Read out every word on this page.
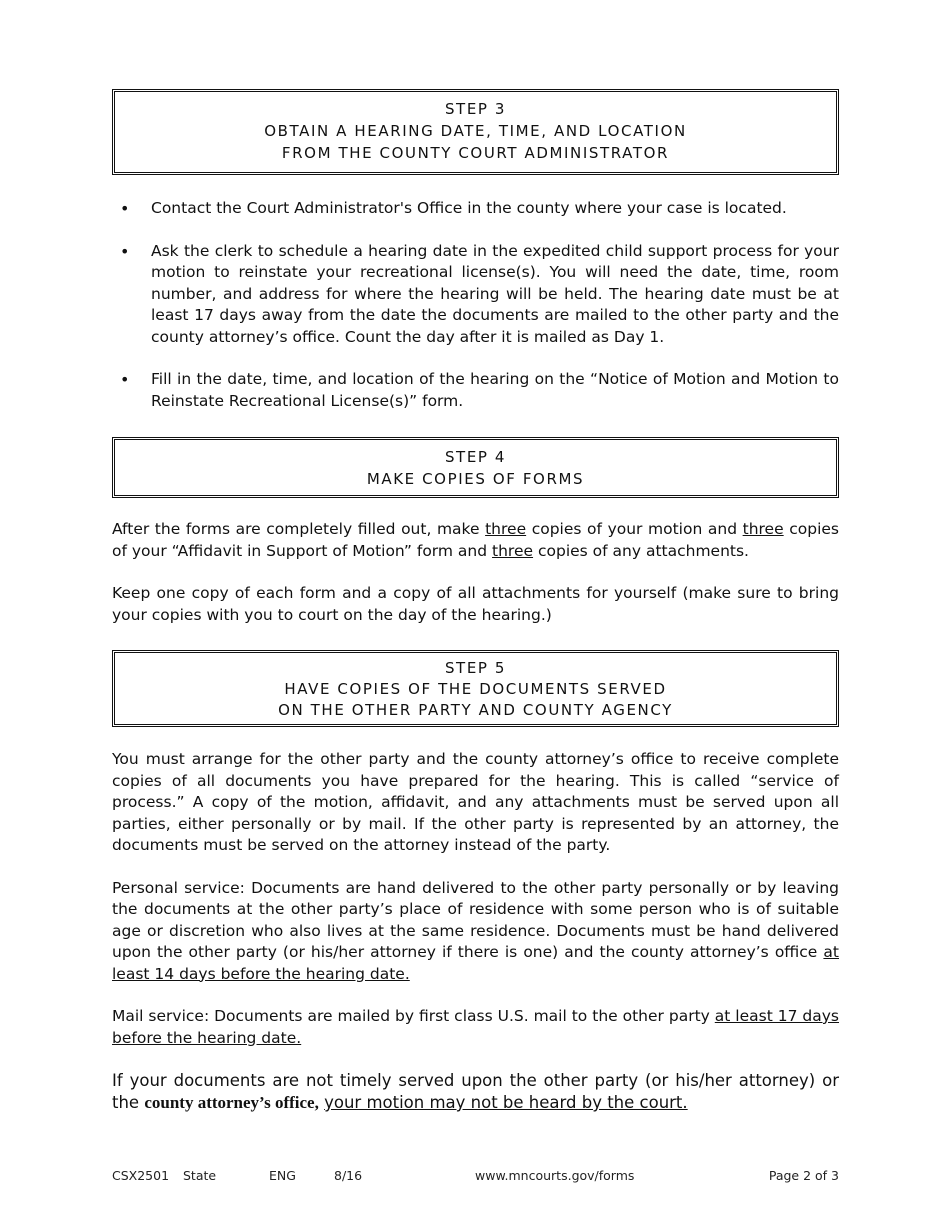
STEP 3
OBTAIN A HEARING DATE, TIME, AND LOCATION
FROM THE COUNTY COURT ADMINISTRATOR
• Contact the Court Administrator's Office in the county where your case is located.
• Ask the clerk to schedule a hearing date in the expedited child support process for your motion to reinstate your recreational license(s). You will need the date, time, room number, and address for where the hearing will be held. The hearing date must be at least 17 days away from the date the documents are mailed to the other party and the county attorney’s office. Count the day after it is mailed as Day 1.
• Fill in the date, time, and location of the hearing on the “Notice of Motion and Motion to Reinstate Recreational License(s)” form.
STEP 4
MAKE COPIES OF FORMS

After the forms are completely filled out, make three copies of your motion and three copies of your “Affidavit in Support of Motion” form and three copies of any attachments.

Keep one copy of each form and a copy of all attachments for yourself (make sure to bring your copies with you to court on the day of the hearing.)

STEP 5
HAVE COPIES OF THE DOCUMENTS SERVED
ON THE OTHER PARTY AND COUNTY AGENCY

You must arrange for the other party and the county attorney’s office to receive complete copies of all documents you have prepared for the hearing. This is called “service of process.” A copy of the motion, affidavit, and any attachments must be served upon all parties, either personally or by mail. If the other party is represented by an attorney, the documents must be served on the attorney instead of the party.

Personal service: Documents are hand delivered to the other party personally or by leaving the documents at the other party’s place of residence with some person who is of suitable age or discretion who also lives at the same residence. Documents must be hand delivered upon the other party (or his/her attorney if there is one) and the county attorney’s office at least 14 days before the hearing date.

Mail service: Documents are mailed by first class U.S. mail to the other party at least 17 days before the hearing date.

If your documents are not timely served upon the other party (or his/her attorney) or the county attorney’s office, your motion may not be heard by the court.

CSX2501 State	ENG	8/16	www.mncourts.gov/forms	Page 2 of 3
